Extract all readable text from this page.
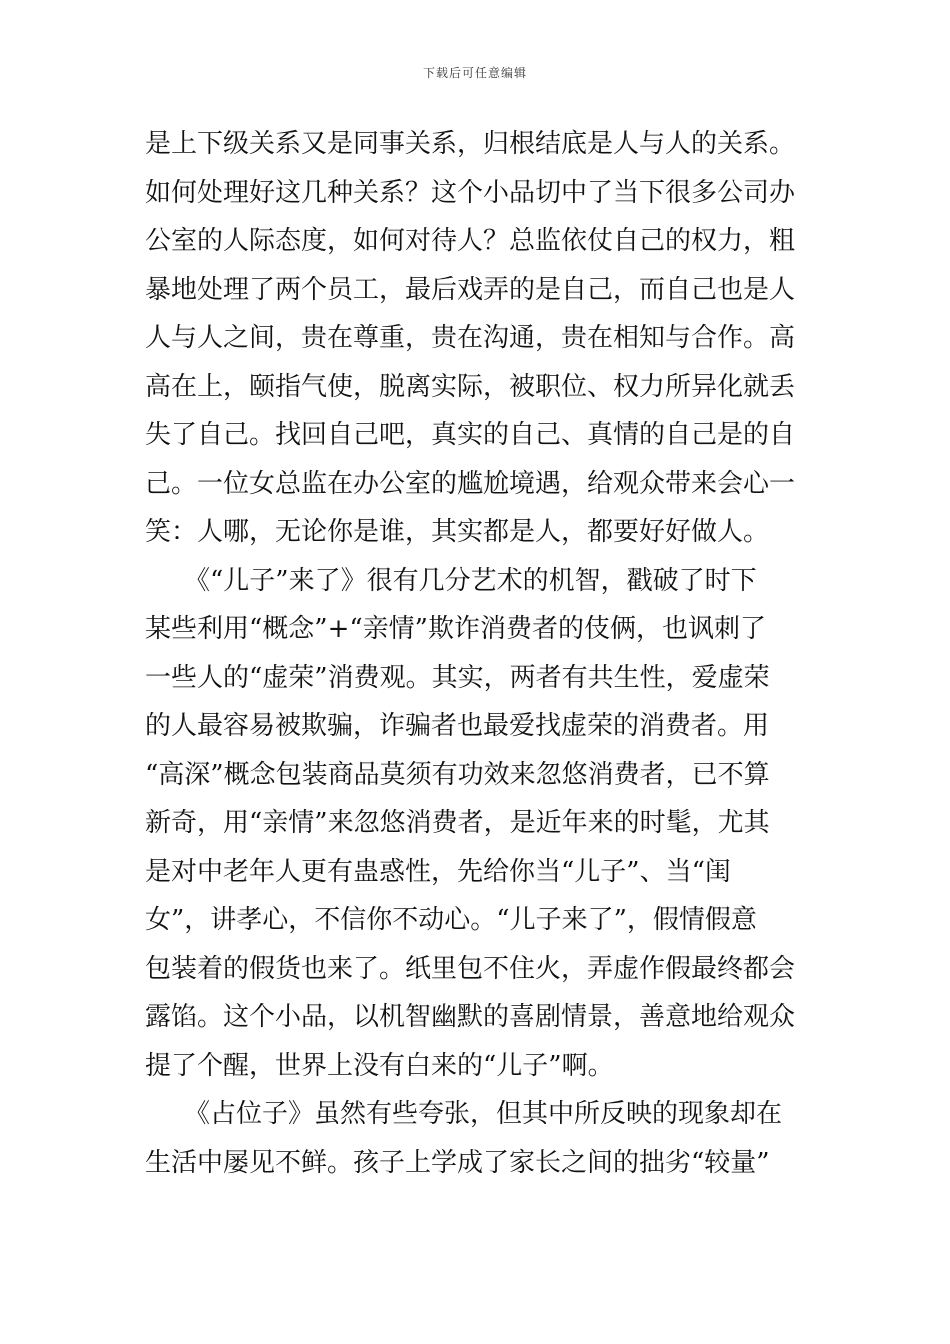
下载后可任意编辑
是上下级关系又是同事关系，归根结底是人与人的关系。
如何处理好这几种关系？这个小品切中了当下很多公司办
公室的人际态度，如何对待人？总监依仗自己的权力，粗
暴地处理了两个员工，最后戏弄的是自己，而自己也是人
人与人之间，贵在尊重，贵在沟通，贵在相知与合作。高
高在上，颐指气使，脱离实际，被职位、权力所异化就丢
失了自己。找回自己吧，真实的自己、真情的自己是的自
己。一位女总监在办公室的尴尬境遇，给观众带来会心一
笑：人哪，无论你是谁，其实都是人，都要好好做人。
　　《“儿子”来了》很有几分艺术的机智，戳破了时下
某些利用“概念”+“亲情”欺诈消费者的伎俩，也讽刺了
一些人的“虚荣”消费观。其实，两者有共生性，爱虚荣
的人最容易被欺骗，诈骗者也最爱找虚荣的消费者。用
“高深”概念包装商品莫须有功效来忽悠消费者，已不算
新奇，用“亲情”来忽悠消费者，是近年来的时髦，尤其
是对中老年人更有蛊惑性，先给你当“儿子”、当“闺
女”，讲孝心，不信你不动心。“儿子来了”，假情假意
包装着的假货也来了。纸里包不住火，弄虚作假最终都会
露馅。这个小品，以机智幽默的喜剧情景，善意地给观众
提了个醒，世界上没有白来的“儿子”啊。
　　《占位子》虽然有些夸张，但其中所反映的现象却在
生活中屡见不鲜。孩子上学成了家长之间的拙劣“较量”
